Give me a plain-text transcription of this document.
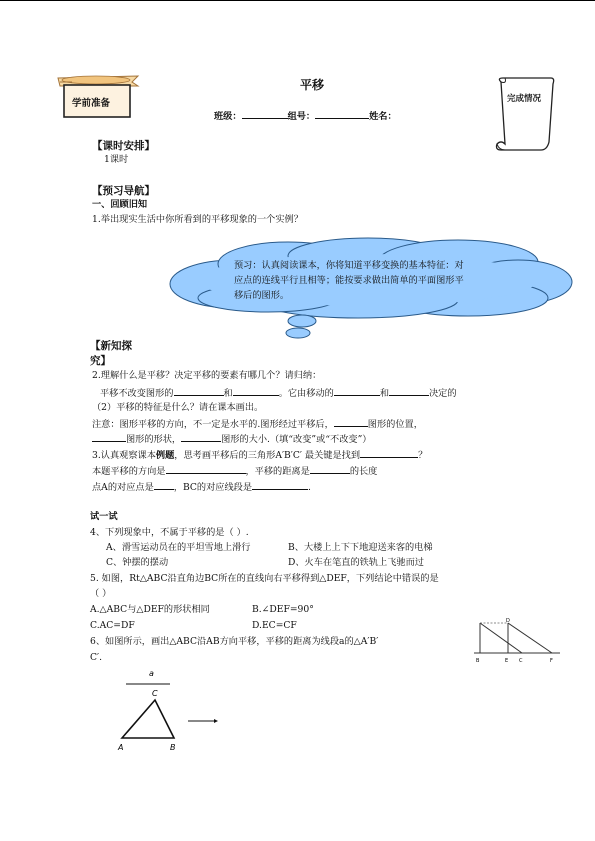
学前准备
平移
完成情况
班级：	组号：	姓名：
【课时安排】
1课时
【预习导航】
一、回顾旧知
1.举出现实生活中你所看到的平移现象的一个实例？
预习：认真阅读课本，你将知道平移变换的基本特征：对
应点的连线平行且相等；能按要求做出简单的平面图形平
移后的图形。
【新知探
究】
2.理解什么是平移？决定平移的要素有哪几个？请归纳：
平移不改变图形的	和	。它由移动的	和	决定的
（2）平移的特征是什么？请在课本画出。
注意：图形平移的方向，不一定是水平的.图形经过平移后，	图形的位置，
图形的形状，	图形的大小.（填“改变”或“不改变”）
3.认真观察课本例题，思考画平移后的三角形A′B′C′ 最关键是找到	？
本题平移的方向是	，平移的距离是	的长度
点A的对应点是 ，BC的对应线段是	.
试一试
4、下列现象中，不属于平移的是（ ）.
A、滑雪运动员在的平坦雪地上滑行	B、大楼上上下下地迎送来客的电梯
C、钟摆的摆动	D、火车在笔直的铁轨上飞驰而过
5. 如图，Rt△ABC沿直角边BC所在的直线向右平移得到△DEF，下列结论中错误的是
（ ）
A.△ABC与△DEF的形状相同	B.∠DEF=90°
C.AC=DF	D.EC=CF
6、如图所示，画出△ABC沿AB方向平移，平移的距离为线段a的△A′B′
C′.	B	E C	F
D
a
C
A	B
